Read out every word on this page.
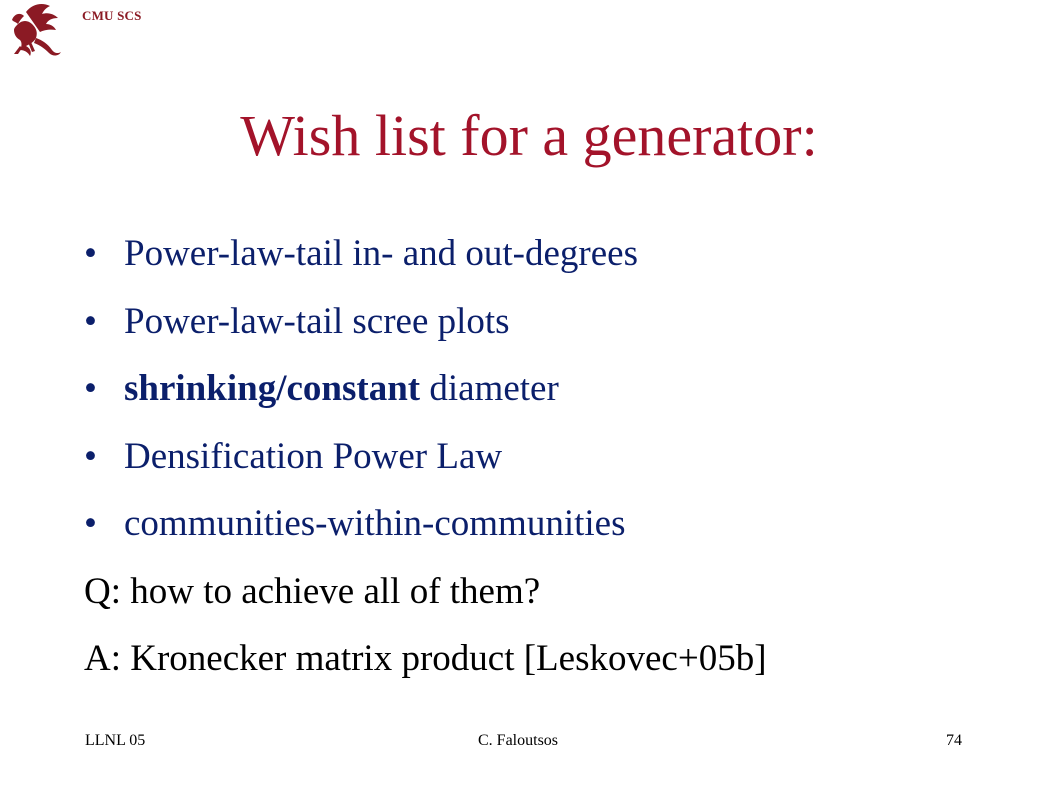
CMU SCS
Wish list for a generator:
• Power-law-tail in- and out-degrees
• Power-law-tail scree plots
• shrinking/constant diameter
• Densification Power Law
• communities-within-communities
Q: how to achieve all of them?
A: Kronecker matrix product [Leskovec+05b]
LLNL 05	C. Faloutsos	74
